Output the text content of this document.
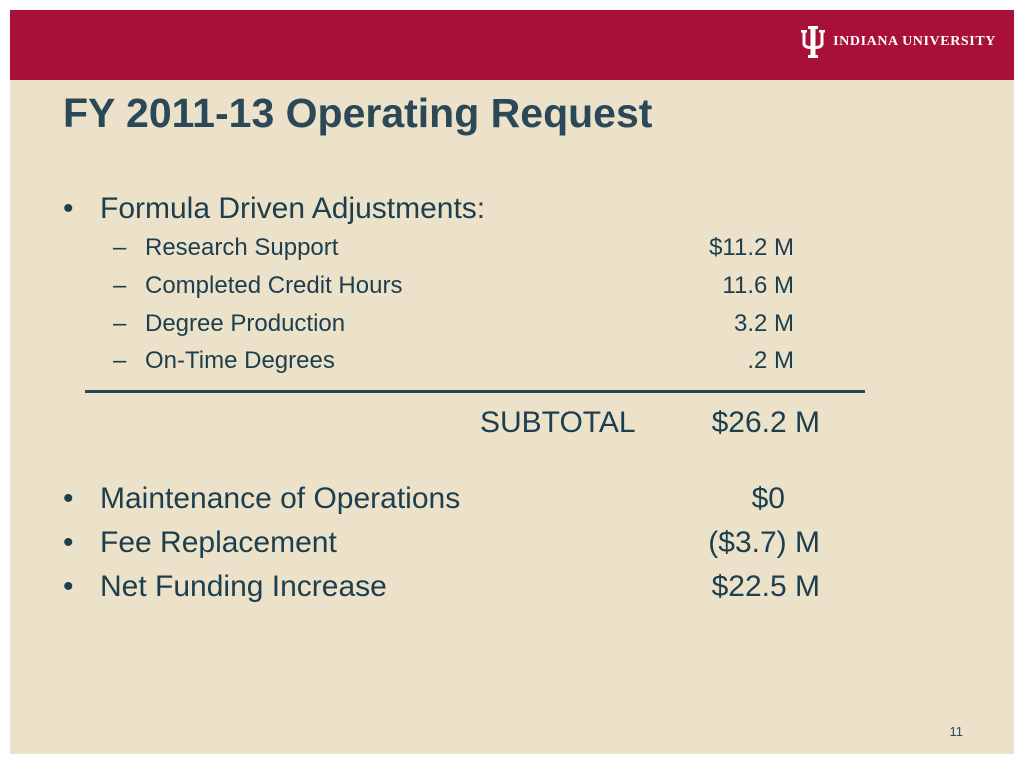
INDIANA UNIVERSITY
FY 2011-13 Operating Request
• Formula Driven Adjustments:
– Research Support	$11.2 M
– Completed Credit Hours	11.6 M
– Degree Production	3.2 M
– On-Time Degrees	.2 M
SUBTOTAL	$26.2 M
• Maintenance of Operations	$0
• Fee Replacement	($3.7) M
• Net Funding Increase	$22.5 M
11
